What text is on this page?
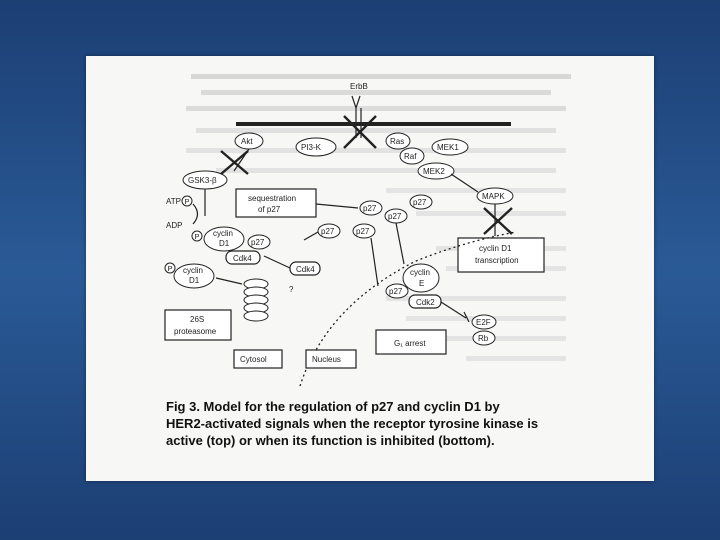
ErbB
Akt
PI3-K
Ras
Raf
MEK1
MEK2
MAPK
GSK3-β
ATP P
ADP
sequestration
of p27	p27
p27
p27
p27	p27
cyclin D1
transcription
P cyclin
D1	p27
Cdk4
Cdk4
?
P cyclin
D1
26S
proteasome
cyclin
E
p27
Cdk2
E2F
Rb
G₁ arrest
Cytosol	Nucleus
Fig 3. Model for the regulation of p27 and cyclin D1 by
HER2-activated signals when the receptor tyrosine kinase is
active (top) or when its function is inhibited (bottom).
